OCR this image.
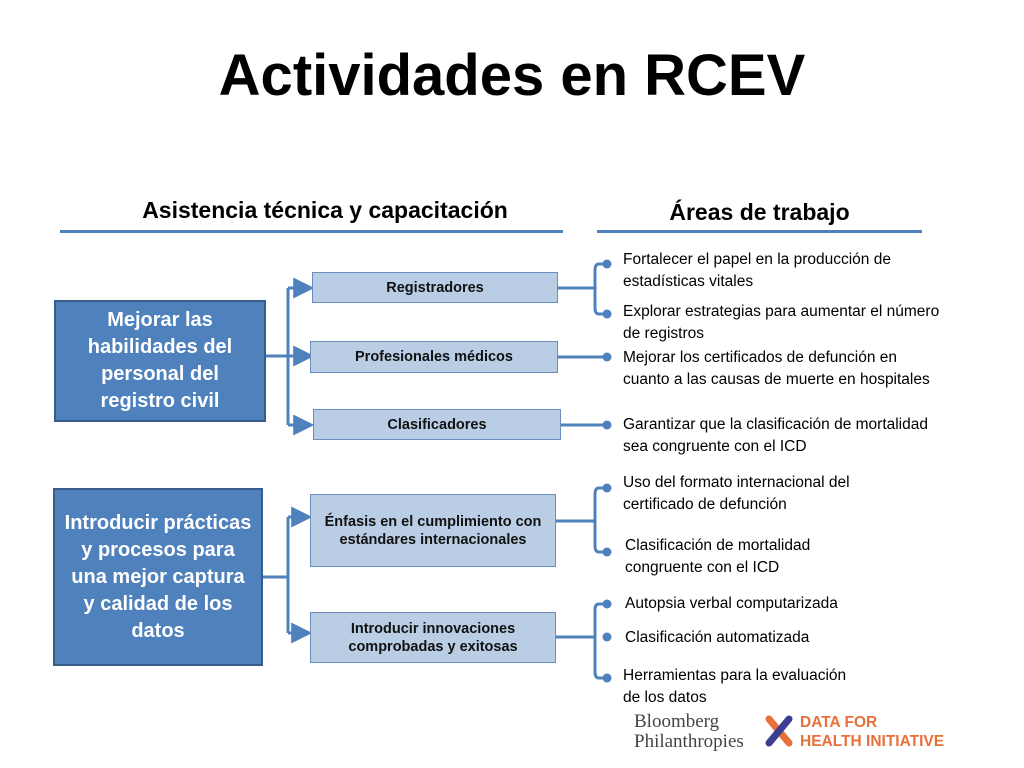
Actividades en RCEV
Asistencia técnica y capacitación	Áreas de trabajo
Mejorar las habilidades del personal del registro civil
Introducir prácticas y procesos para una mejor captura y calidad de los datos
Registradores
Profesionales médicos
Clasificadores
Énfasis en el cumplimiento con estándares internacionales
Introducir innovaciones comprobadas y exitosas
Fortalecer el papel en la producción de estadísticas vitales
Explorar estrategias para aumentar el número de registros
Mejorar los certificados de defunción en cuanto a las causas de muerte en hospitales
Garantizar que la clasificación de mortalidad sea congruente con el ICD
Uso del formato internacional del certificado de defunción
Clasificación de mortalidad congruente con el ICD
Autopsia verbal computarizada
Clasificación automatizada
Herramientas para la evaluación de los datos
Bloomberg
Philanthropies
DATA FOR
HEALTH INITIATIVE
